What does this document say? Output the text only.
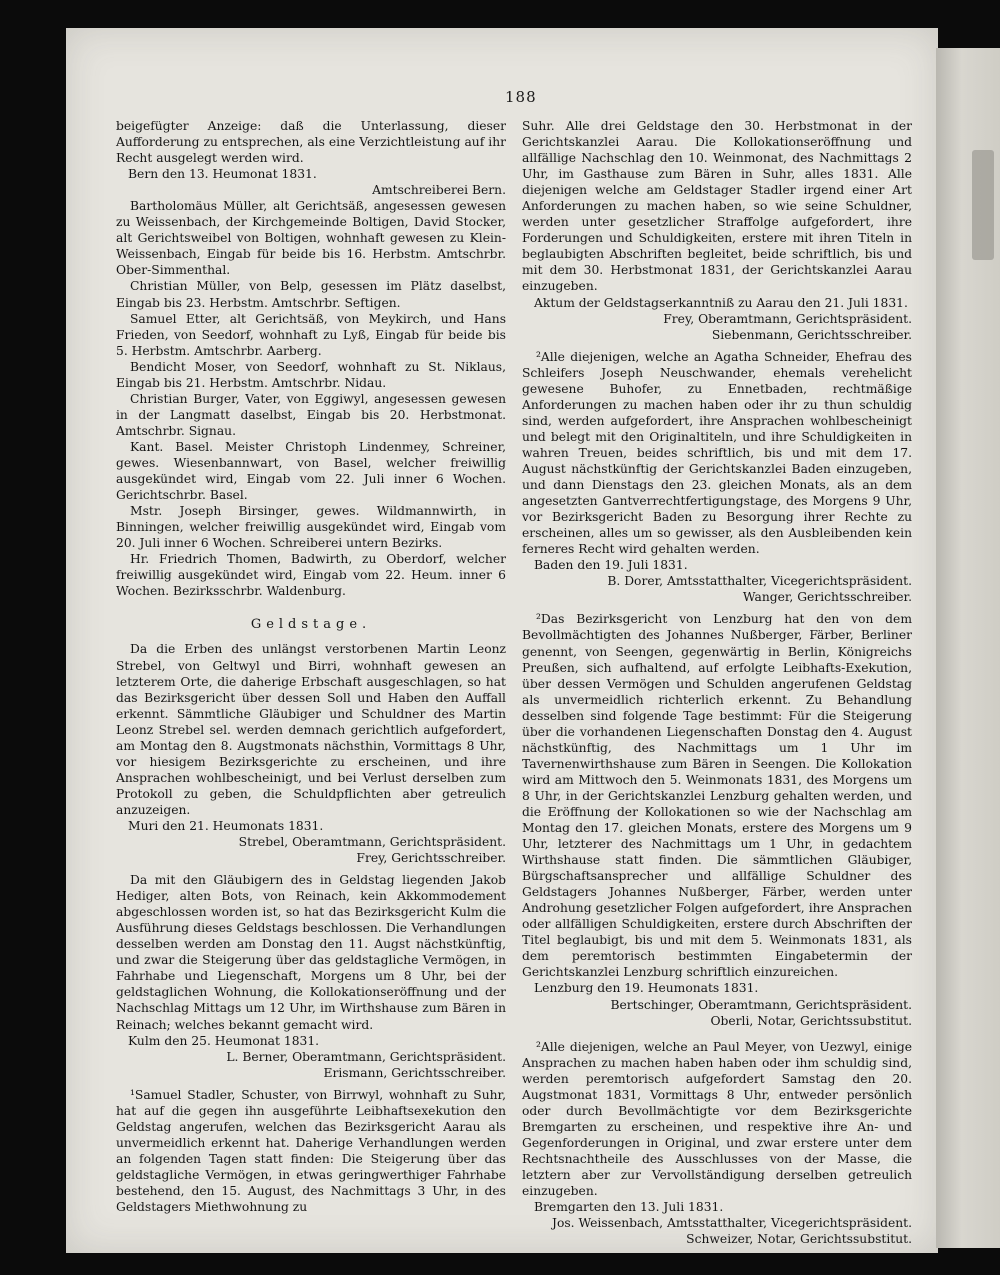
188

beigefügter Anzeige: daß die Unterlassung, dieser Aufforderung zu entsprechen, als eine Verzichtleistung auf ihr Recht ausgelegt werden wird.

Bern den 13. Heumonat 1831.

Amtschreiberei Bern.

Bartholomäus Müller, alt Gerichtsäß, angesessen gewesen zu Weissenbach, der Kirchgemeinde Boltigen, David Stocker, alt Gerichtsweibel von Boltigen, wohnhaft gewesen zu Klein-Weissenbach, Eingab für beide bis 16. Herbstm. Amtschrbr. Ober-Simmenthal.

Christian Müller, von Belp, gesessen im Plätz daselbst, Eingab bis 23. Herbstm. Amtschrbr. Seftigen.

Samuel Etter, alt Gerichtsäß, von Meykirch, und Hans Frieden, von Seedorf, wohnhaft zu Lyß, Eingab für beide bis 5. Herbstm. Amtschrbr. Aarberg.

Bendicht Moser, von Seedorf, wohnhaft zu St. Niklaus, Eingab bis 21. Herbstm. Amtschrbr. Nidau.

Christian Burger, Vater, von Eggiwyl, angesessen gewesen in der Langmatt daselbst, Eingab bis 20. Herbstmonat. Amtschrbr. Signau.

Kant. Basel. Meister Christoph Lindenmey, Schreiner, gewes. Wiesenbannwart, von Basel, welcher freiwillig ausgekündet wird, Eingab vom 22. Juli inner 6 Wochen. Gerichtschrbr. Basel.

Mstr. Joseph Birsinger, gewes. Wildmannwirth, in Binningen, welcher freiwillig ausgekündet wird, Eingab vom 20. Juli inner 6 Wochen. Schreiberei untern Bezirks.

Hr. Friedrich Thomen, Badwirth, zu Oberdorf, welcher freiwillig ausgekündet wird, Eingab vom 22. Heum. inner 6 Wochen. Bezirksschrbr. Waldenburg.

Geldstage.

Da die Erben des unlängst verstorbenen Martin Leonz Strebel, von Geltwyl und Birri, wohnhaft gewesen an letzterem Orte, die daherige Erbschaft ausgeschlagen, so hat das Bezirksgericht über dessen Soll und Haben den Auffall erkennt. Sämmtliche Gläubiger und Schuldner des Martin Leonz Strebel sel. werden demnach gerichtlich aufgefordert, am Montag den 8. Augstmonats nächsthin, Vormittags 8 Uhr, vor hiesigem Bezirksgerichte zu erscheinen, und ihre Ansprachen wohlbescheinigt, und bei Verlust derselben zum Protokoll zu geben, die Schuldpflichten aber getreulich anzuzeigen.

Muri den 21. Heumonats 1831.

Strebel, Oberamtmann, Gerichtspräsident.

Frey, Gerichtsschreiber.

Da mit den Gläubigern des in Geldstag liegenden Jakob Hediger, alten Bots, von Reinach, kein Akkommodement abgeschlossen worden ist, so hat das Bezirksgericht Kulm die Ausführung dieses Geldstags beschlossen. Die Verhandlungen desselben werden am Donstag den 11. Augst nächstkünftig, und zwar die Steigerung über das geldstagliche Vermögen, in Fahrhabe und Liegenschaft, Morgens um 8 Uhr, bei der geldstaglichen Wohnung, die Kollokationseröffnung und der Nachschlag Mittags um 12 Uhr, im Wirthshause zum Bären in Reinach; welches bekannt gemacht wird.

Kulm den 25. Heumonat 1831.

L. Berner, Oberamtmann, Gerichtspräsident.

Erismann, Gerichtsschreiber.

¹Samuel Stadler, Schuster, von Birrwyl, wohnhaft zu Suhr, hat auf die gegen ihn ausgeführte Leibhaftsexekution den Geldstag angerufen, welchen das Bezirksgericht Aarau als unvermeidlich erkennt hat. Daherige Verhandlungen werden an folgenden Tagen statt finden: Die Steigerung über das geldstagliche Vermögen, in etwas geringwerthiger Fahrhabe bestehend, den 15. August, des Nachmittags 3 Uhr, in des Geldstagers Miethwohnung zu

Suhr. Alle drei Geldstage den 30. Herbstmonat in der Gerichtskanzlei Aarau. Die Kollokationseröffnung und allfällige Nachschlag den 10. Weinmonat, des Nachmittags 2 Uhr, im Gasthause zum Bären in Suhr, alles 1831. Alle diejenigen welche am Geldstager Stadler irgend einer Art Anforderungen zu machen haben, so wie seine Schuldner, werden unter gesetzlicher Straffolge aufgefordert, ihre Forderungen und Schuldigkeiten, erstere mit ihren Titeln in beglaubigten Abschriften begleitet, beide schriftlich, bis und mit dem 30. Herbstmonat 1831, der Gerichtskanzlei Aarau einzugeben.

Aktum der Geldstagserkanntniß zu Aarau den 21. Juli 1831.

Frey, Oberamtmann, Gerichtspräsident.

Siebenmann, Gerichtsschreiber.

²Alle diejenigen, welche an Agatha Schneider, Ehefrau des Schleifers Joseph Neuschwander, ehemals verehelicht gewesene Buhofer, zu Ennetbaden, rechtmäßige Anforderungen zu machen haben oder ihr zu thun schuldig sind, werden aufgefordert, ihre Ansprachen wohlbescheinigt und belegt mit den Originaltiteln, und ihre Schuldigkeiten in wahren Treuen, beides schriftlich, bis und mit dem 17. August nächstkünftig der Gerichtskanzlei Baden einzugeben, und dann Dienstags den 23. gleichen Monats, als an dem angesetzten Gantverrechtfertigungstage, des Morgens 9 Uhr, vor Bezirksgericht Baden zu Besorgung ihrer Rechte zu erscheinen, alles um so gewisser, als den Ausbleibenden kein ferneres Recht wird gehalten werden.

Baden den 19. Juli 1831.

B. Dorer, Amtsstatthalter, Vicegerichtspräsident.

Wanger, Gerichtsschreiber.

²Das Bezirksgericht von Lenzburg hat den von dem Bevollmächtigten des Johannes Nußberger, Färber, Berliner genennt, von Seengen, gegenwärtig in Berlin, Königreichs Preußen, sich aufhaltend, auf erfolgte Leibhafts-Exekution, über dessen Vermögen und Schulden angerufenen Geldstag als unvermeidlich richterlich erkennt. Zu Behandlung desselben sind folgende Tage bestimmt: Für die Steigerung über die vorhandenen Liegenschaften Donstag den 4. August nächstkünftig, des Nachmittags um 1 Uhr im Tavernenwirthshause zum Bären in Seengen. Die Kollokation wird am Mittwoch den 5. Weinmonats 1831, des Morgens um 8 Uhr, in der Gerichtskanzlei Lenzburg gehalten werden, und die Eröffnung der Kollokationen so wie der Nachschlag am Montag den 17. gleichen Monats, erstere des Morgens um 9 Uhr, letzterer des Nachmittags um 1 Uhr, in gedachtem Wirthshause statt finden. Die sämmtlichen Gläubiger, Bürgschaftsansprecher und allfällige Schuldner des Geldstagers Johannes Nußberger, Färber, werden unter Androhung gesetzlicher Folgen aufgefordert, ihre Ansprachen oder allfälligen Schuldigkeiten, erstere durch Abschriften der Titel beglaubigt, bis und mit dem 5. Weinmonats 1831, als dem peremtorisch bestimmten Eingabetermin der Gerichtskanzlei Lenzburg schriftlich einzureichen.

Lenzburg den 19. Heumonats 1831.

Bertschinger, Oberamtmann, Gerichtspräsident.

Oberli, Notar, Gerichtssubstitut.

²Alle diejenigen, welche an Paul Meyer, von Uezwyl, einige Ansprachen zu machen haben haben oder ihm schuldig sind, werden peremtorisch aufgefordert Samstag den 20. Augstmonat 1831, Vormittags 8 Uhr, entweder persönlich oder durch Bevollmächtigte vor dem Bezirksgerichte Bremgarten zu erscheinen, und respektive ihre An- und Gegenforderungen in Original, und zwar erstere unter dem Rechtsnachtheile des Ausschlusses von der Masse, die letztern aber zur Vervollständigung derselben getreulich einzugeben.

Bremgarten den 13. Juli 1831.

Jos. Weissenbach, Amtsstatthalter, Vicegerichtspräsident.

Schweizer, Notar, Gerichtssubstitut.
